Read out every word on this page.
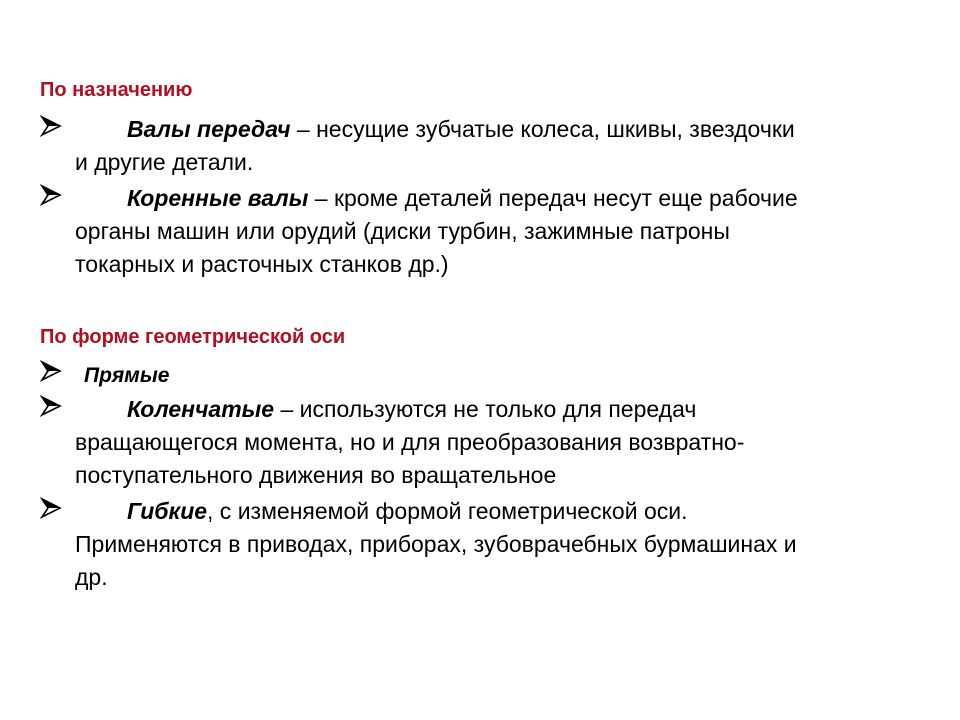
По назначению
Валы передач – несущие зубчатые колеса, шкивы, звездочки
и другие детали.
Коренные валы – кроме деталей передач несут еще рабочие
органы машин или орудий (диски турбин, зажимные патроны
токарных и расточных станков др.)
По форме геометрической оси
Прямые
Коленчатые – используются не только для передач
вращающегося момента, но и для преобразования возвратно-
поступательного движения во вращательное
Гибкие, с изменяемой формой геометрической оси.
Применяются в приводах, приборах, зубоврачебных бурмашинах и
др.
